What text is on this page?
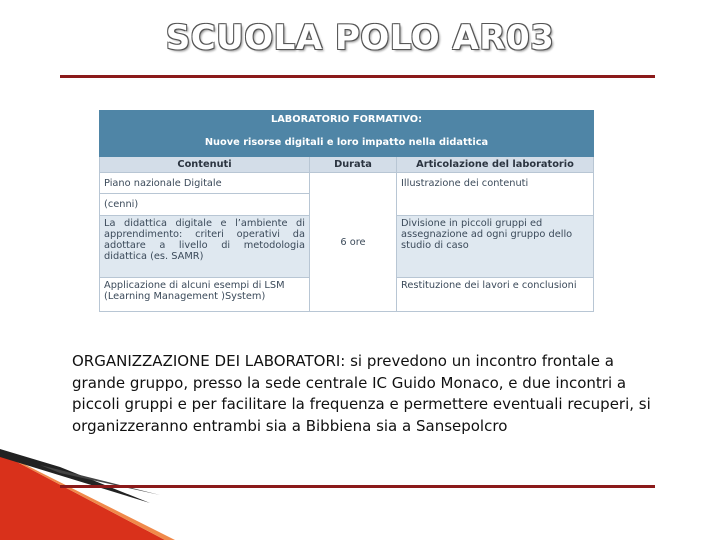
SCUOLA POLO AR03
LABORATORIO FORMATIVO:		
Nuove risorse digitali e loro impatto nella didattica		
Contenuti	Durata	Articolazione del laboratorio
Piano nazionale Digitale	6 ore	Illustrazione dei contenuti
(cenni)		
La didattica digitale e l’ambiente di apprendimento: criteri operativi da adottare a livello di metodologia didattica (es. SAMR)		Divisione in piccoli gruppi ed assegnazione ad ogni gruppo dello studio di caso
Applicazione di alcuni esempi di LSM (Learning Management )System)		Restituzione dei lavori e conclusioni
ORGANIZZAZIONE DEI LABORATORI: si prevedono un incontro frontale a grande gruppo, presso la sede centrale IC Guido Monaco, e due incontri a piccoli gruppi e per facilitare la frequenza e permettere eventuali recuperi, si organizzeranno entrambi sia a Bibbiena sia a Sansepolcro
